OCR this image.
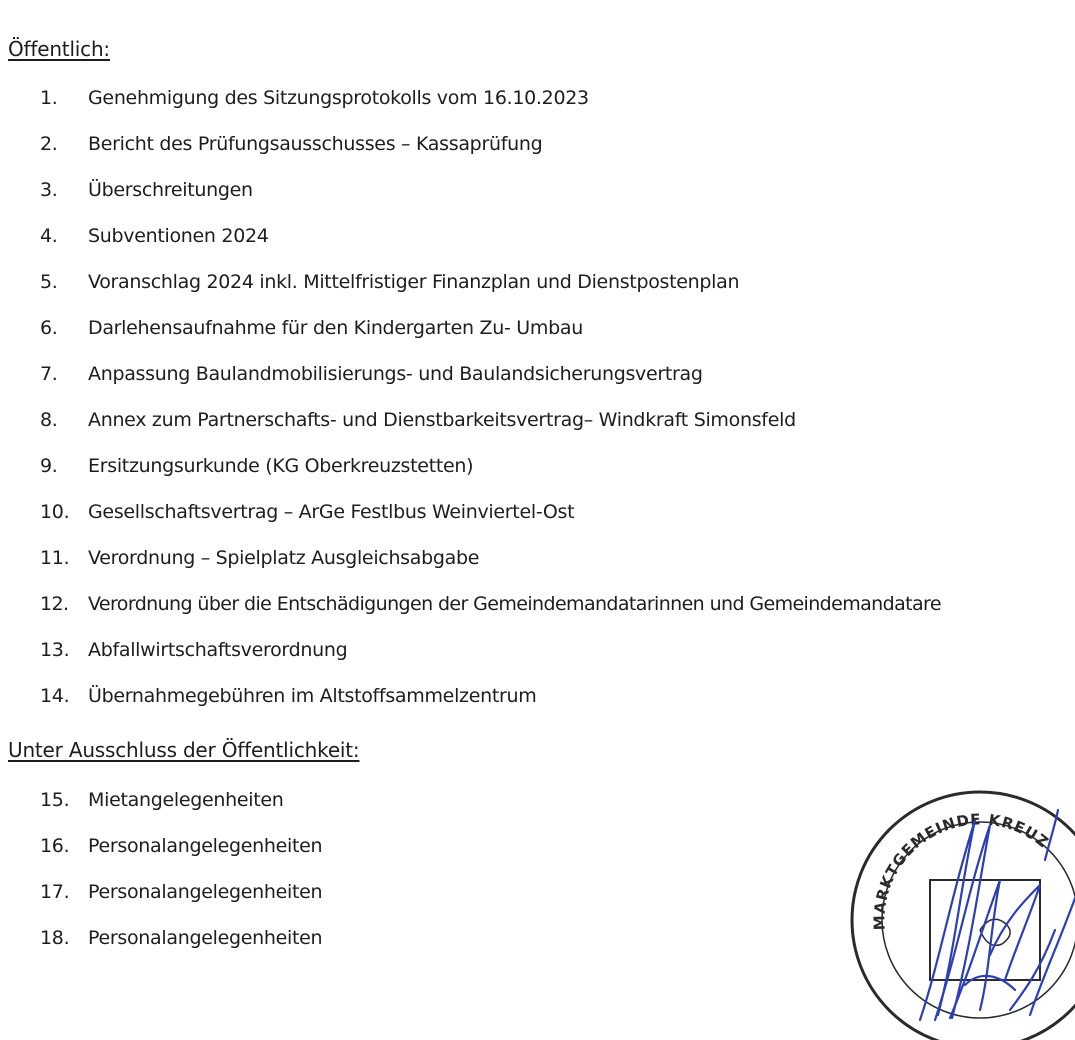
Öffentlich:
1.	Genehmigung des Sitzungsprotokolls vom 16.10.2023
2.	Bericht des Prüfungsausschusses – Kassaprüfung
3.	Überschreitungen
4.	Subventionen 2024
5.	Voranschlag 2024 inkl. Mittelfristiger Finanzplan und Dienstpostenplan
6.	Darlehensaufnahme für den Kindergarten Zu- Umbau
7.	Anpassung Baulandmobilisierungs- und Baulandsicherungsvertrag
8.	Annex zum Partnerschafts- und Dienstbarkeitsvertrag– Windkraft Simonsfeld
9.	Ersitzungsurkunde (KG Oberkreuzstetten)
10. Gesellschaftsvertrag – ArGe Festlbus Weinviertel-Ost
11. Verordnung – Spielplatz Ausgleichsabgabe
12.	Verordnung über die Entschädigungen der Gemeindemandatarinnen und Gemeindemandatare
13. Abfallwirtschaftsverordnung
14. Übernahmegebühren im Altstoffsammelzentrum
Unter Ausschluss der Öffentlichkeit:
15. Mietangelegenheiten
16. Personalangelegenheiten
17. Personalangelegenheiten
18. Personalangelegenheiten
MARKTGEMEINDE KREUZ
